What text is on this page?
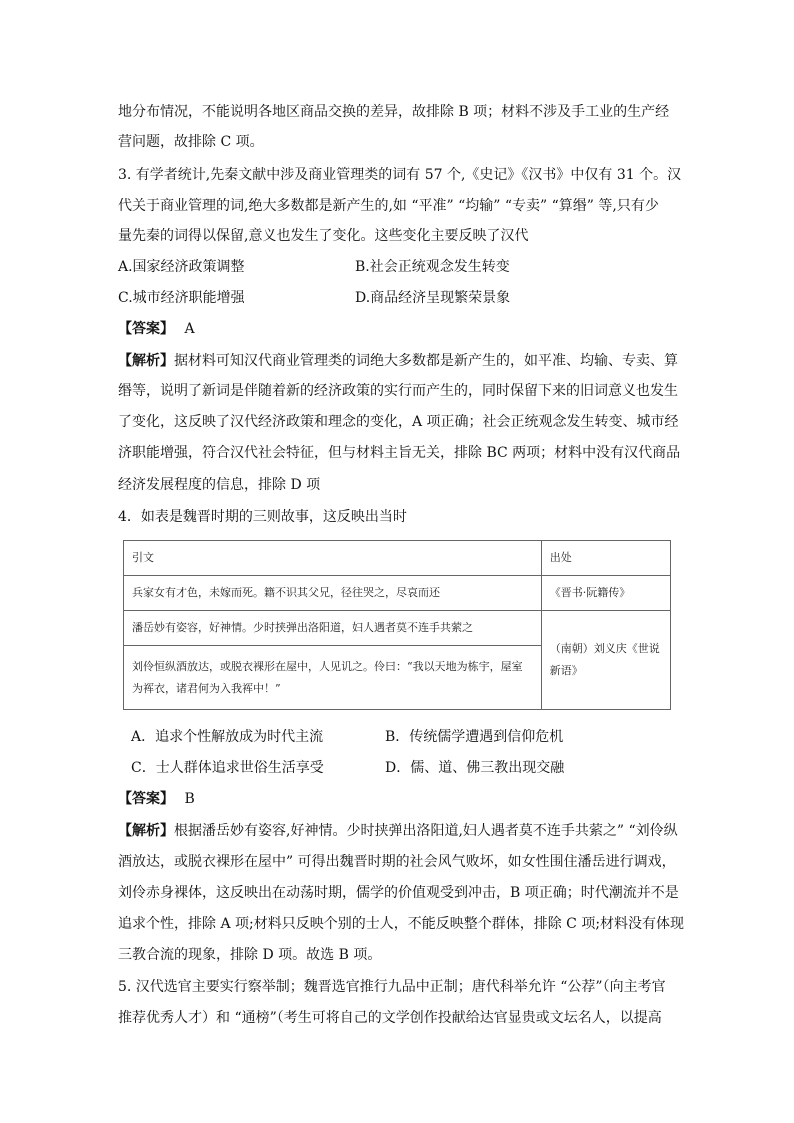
地分布情况，不能说明各地区商品交换的差异，故排除 B 项；材料不涉及手工业的生产经
营问题，故排除 C 项。
3. 有学者统计,先秦文献中涉及商业管理类的词有 57 个,《史记》《汉书》中仅有 31 个。汉
代关于商业管理的词,绝大多数都是新产生的,如 “平准” “均输” “专卖” “算缗” 等,只有少
量先秦的词得以保留,意义也发生了变化。这些变化主要反映了汉代
A.国家经济政策调整	B.社会正统观念发生转变
C.城市经济职能增强	D.商品经济呈现繁荣景象
【答案】 A
【解析】据材料可知汉代商业管理类的词绝大多数都是新产生的，如平准、均输、专卖、算
缗等，说明了新词是伴随着新的经济政策的实行而产生的，同时保留下来的旧词意义也发生
了变化，这反映了汉代经济政策和理念的变化，A 项正确；社会正统观念发生转变、城市经
济职能增强，符合汉代社会特征，但与材料主旨无关，排除 BC 两项；材料中没有汉代商品
经济发展程度的信息，排除 D 项
4．如表是魏晋时期的三则故事，这反映出当时
引文	出处
兵家女有才色，未嫁而死。籍不识其父兄，径往哭之，尽哀而还	《晋书·阮籍传》
潘岳妙有姿容，好神情。少时挟弹出洛阳道，妇人遇者莫不连手共萦之	（南朝）刘义庆《世说新语》
刘伶恒纵酒放达，或脱衣裸形在屋中，人见讥之。伶曰：“我以天地为栋宇，屋室为裈衣，诸君何为入我裈中！”	
A．追求个性解放成为时代主流	B．传统儒学遭遇到信仰危机
C．士人群体追求世俗生活享受	D．儒、道、佛三教出现交融
【答案】 B
【解析】根据潘岳妙有姿容,好神情。少时挟弹出洛阳道,妇人遇者莫不连手共萦之” “刘伶纵
酒放达，或脱衣裸形在屋中” 可得出魏晋时期的社会风气败坏，如女性围住潘岳进行调戏，
刘伶赤身裸体，这反映出在动荡时期，儒学的价值观受到冲击，B 项正确；时代潮流并不是
追求个性，排除 A 项;材料只反映个别的士人，不能反映整个群体，排除 C 项;材料没有体现
三教合流的现象，排除 D 项。故选 B 项。
5. 汉代选官主要实行察举制；魏晋选官推行九品中正制；唐代科举允许 “公荐”（向主考官
推荐优秀人才）和 “通榜”（考生可将自己的文学创作投献给达官显贵或文坛名人，以提高
